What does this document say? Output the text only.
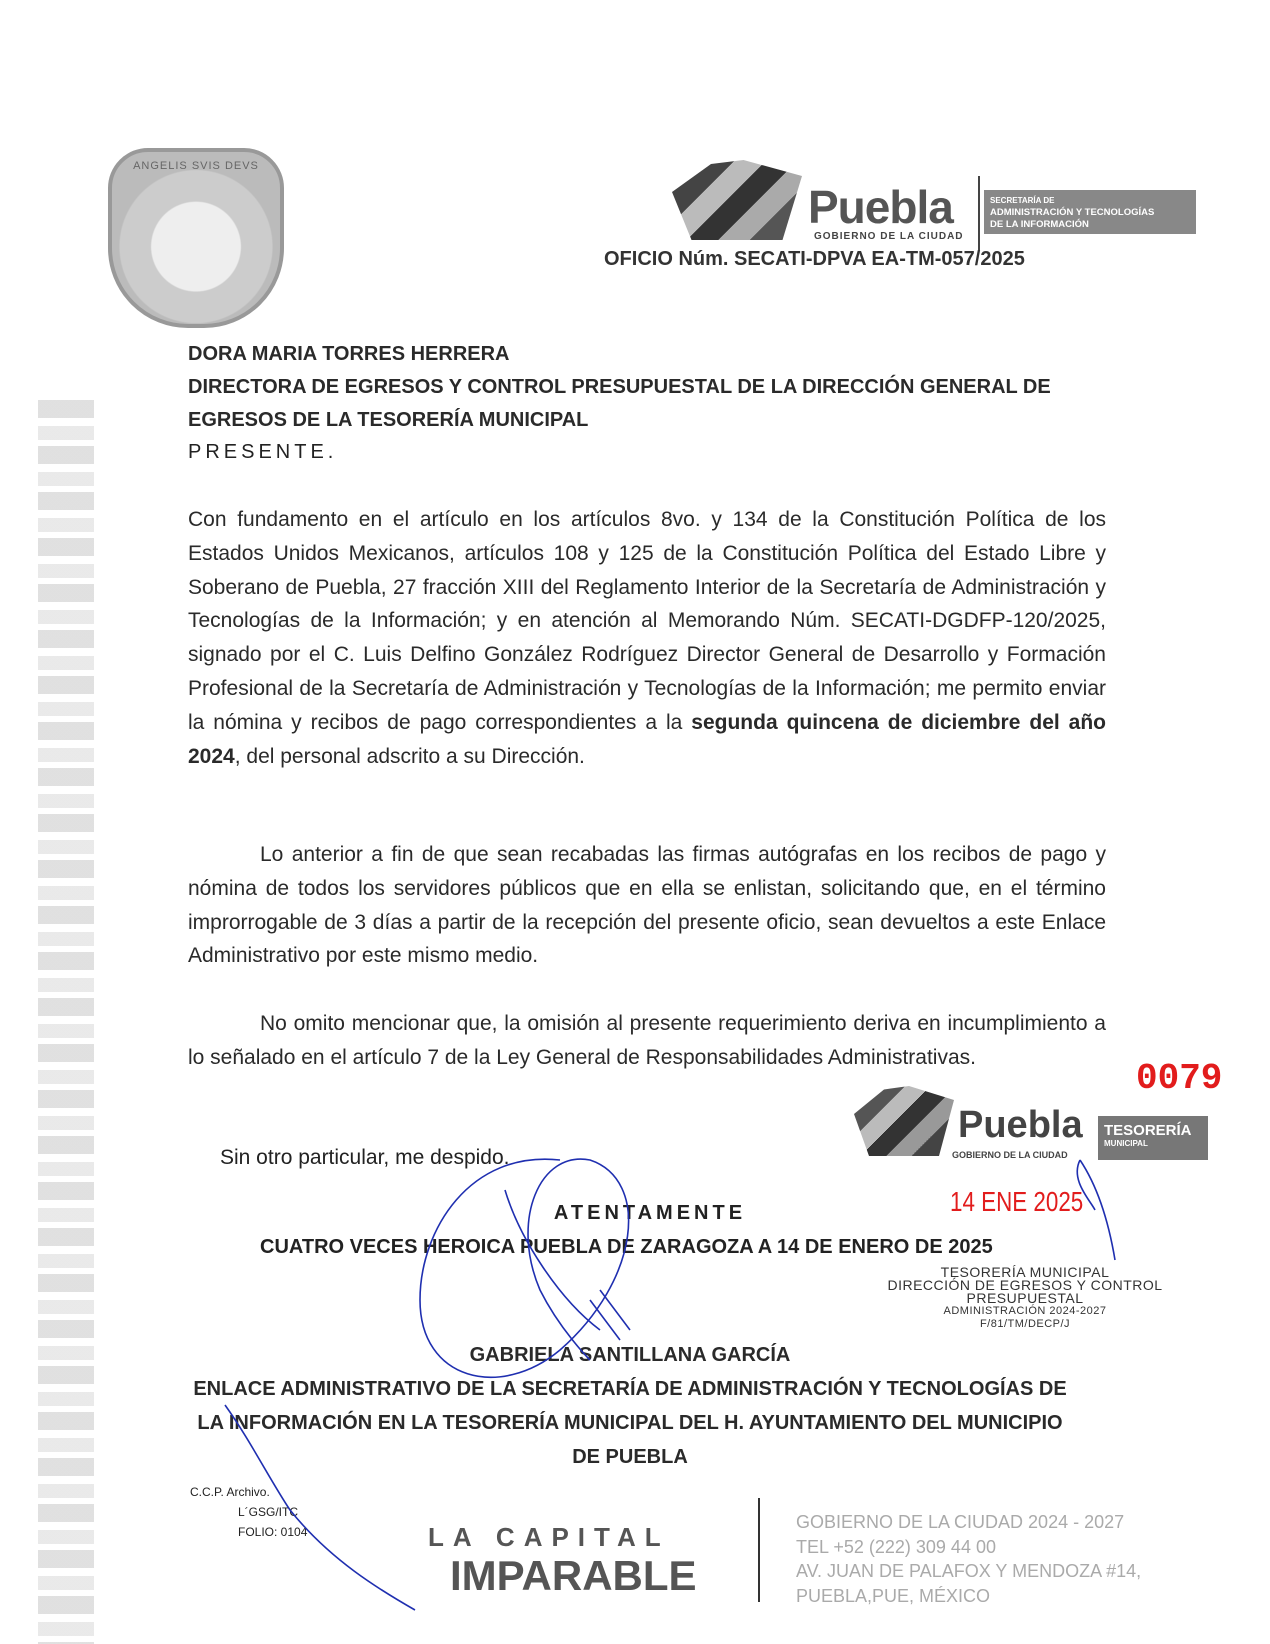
ANGELIS SVIS DEVS
Puebla
GOBIERNO DE LA CIUDAD
SECRETARÍA DE
ADMINISTRACIÓN Y TECNOLOGÍAS
DE LA INFORMACIÓN
OFICIO Núm. SECATI-DPVA EA-TM-057/2025
DORA MARIA TORRES HERRERA
DIRECTORA DE EGRESOS Y CONTROL PRESUPUESTAL DE LA DIRECCIÓN GENERAL DE EGRESOS DE LA TESORERÍA MUNICIPAL
PRESENTE.
Con fundamento en el artículo en los artículos 8vo. y 134 de la Constitución Política de los Estados Unidos Mexicanos, artículos 108 y 125 de la Constitución Política del Estado Libre y Soberano de Puebla, 27 fracción XIII del Reglamento Interior de la Secretaría de Administración y Tecnologías de la Información; y en atención al Memorando Núm. SECATI-DGDFP-120/2025, signado por el C. Luis Delfino González Rodríguez Director General de Desarrollo y Formación Profesional de la Secretaría de Administración y Tecnologías de la Información; me permito enviar la nómina y recibos de pago correspondientes a la segunda quincena de diciembre del año 2024, del personal adscrito a su Dirección.
Lo anterior a fin de que sean recabadas las firmas autógrafas en los recibos de pago y nómina de todos los servidores públicos que en ella se enlistan, solicitando que, en el término improrrogable de 3 días a partir de la recepción del presente oficio, sean devueltos a este Enlace Administrativo por este mismo medio.
No omito mencionar que, la omisión al presente requerimiento deriva en incumplimiento a lo señalado en el artículo 7 de la Ley General de Responsabilidades Administrativas.
Sin otro particular, me despido.
ATENTAMENTE
CUATRO VECES HEROICA PUEBLA DE ZARAGOZA A 14 DE ENERO DE 2025
0079
Puebla
GOBIERNO DE LA CIUDAD
TESORERÍA
MUNICIPAL
14 ENE 2025
TESORERÍA MUNICIPAL
DIRECCIÓN DE EGRESOS Y CONTROL
PRESUPUESTAL
ADMINISTRACIÓN 2024-2027
F/81/TM/DECP/J
GABRIELA SANTILLANA GARCÍA
ENLACE ADMINISTRATIVO DE LA SECRETARÍA DE ADMINISTRACIÓN Y TECNOLOGÍAS DE LA INFORMACIÓN EN LA TESORERÍA MUNICIPAL DEL H. AYUNTAMIENTO DEL MUNICIPIO DE PUEBLA
C.C.P. Archivo.
L´GSG/ITC
FOLIO: 0104	LA CAPITAL
IMPARABLE
GOBIERNO DE LA CIUDAD 2024 - 2027
TEL +52 (222) 309 44 00
AV. JUAN DE PALAFOX Y MENDOZA #14,
PUEBLA,PUE, MÉXICO
